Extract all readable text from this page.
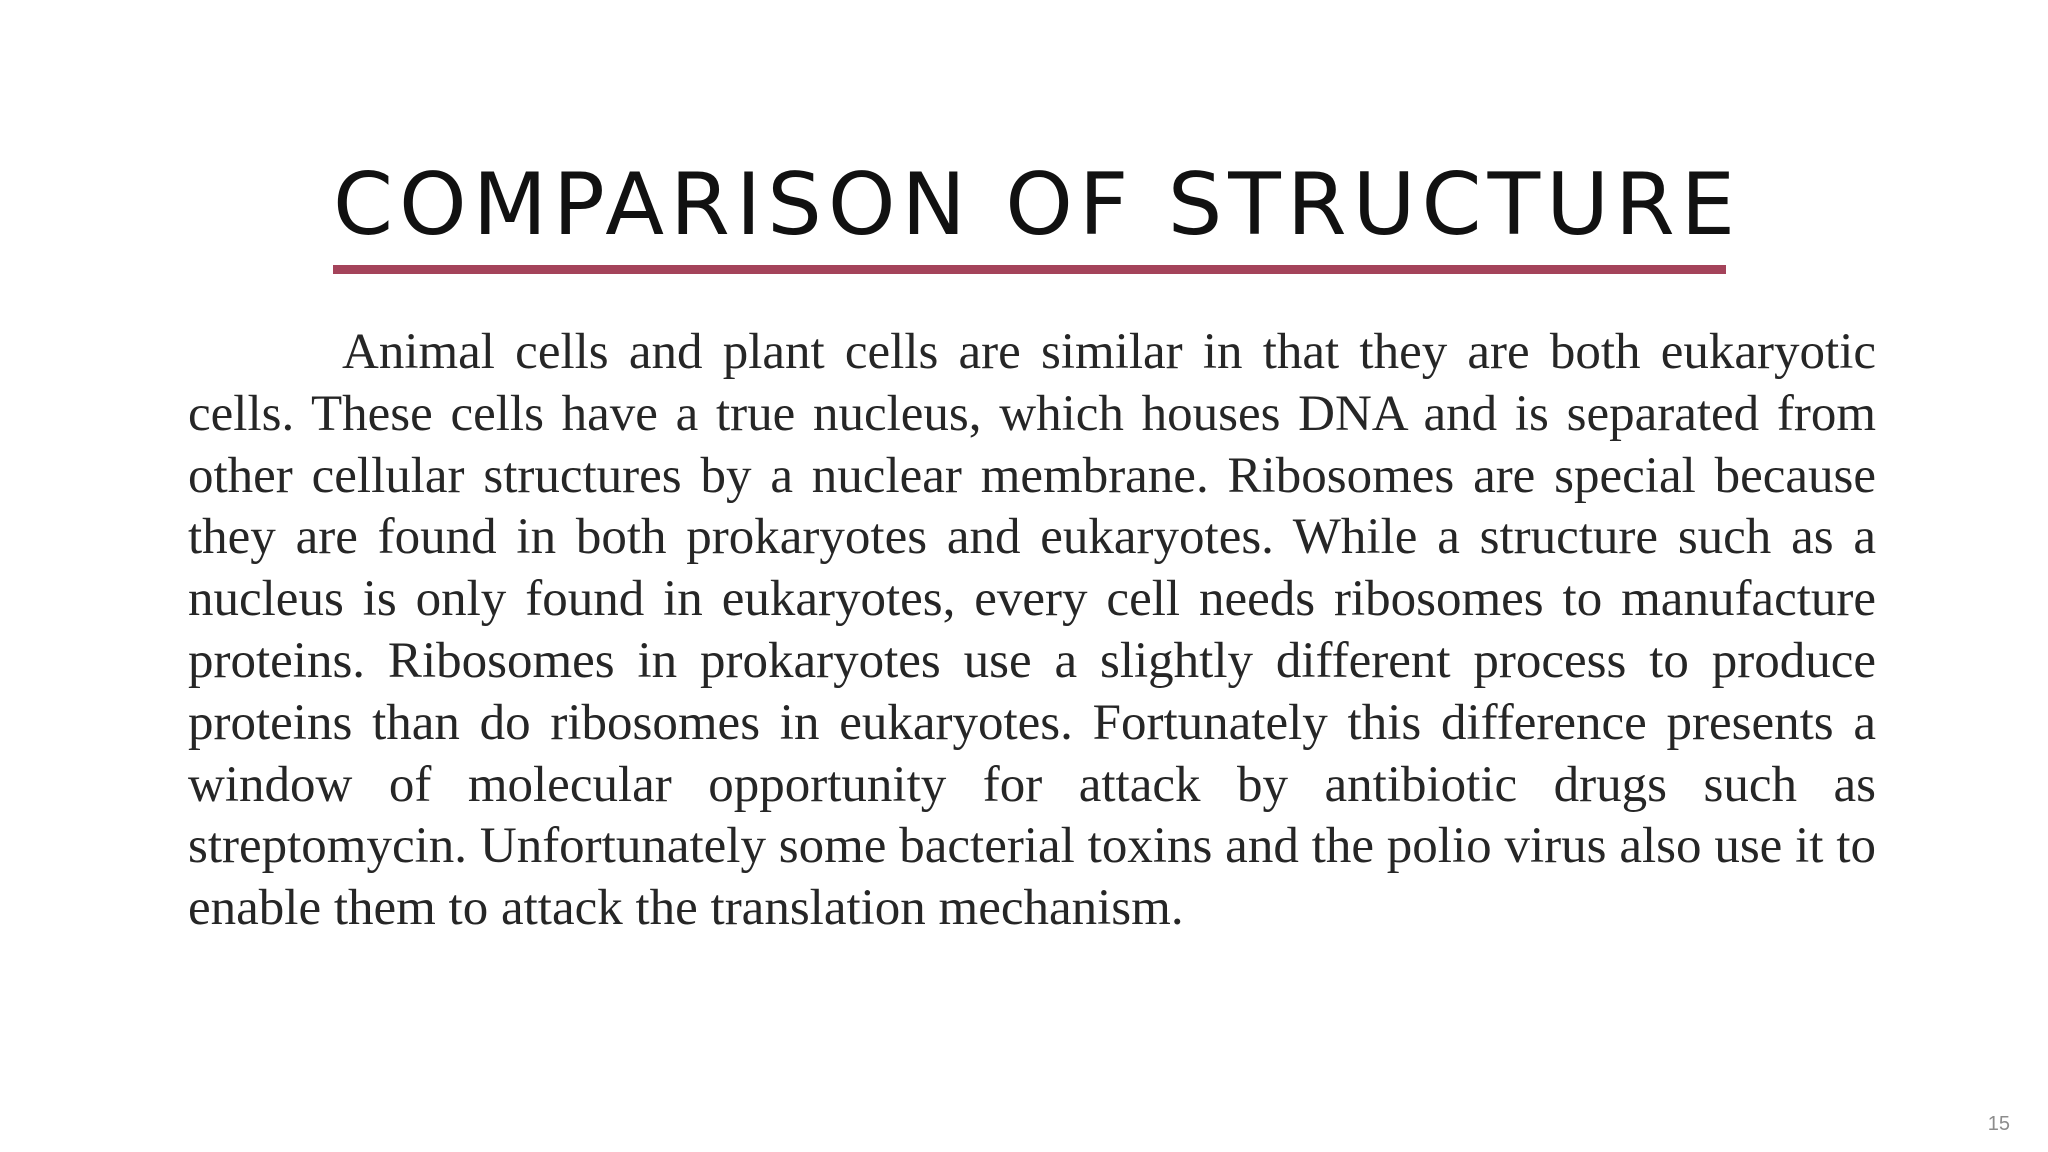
COMPARISON OF STRUCTURE

Animal cells and plant cells are similar in that they are both eukaryotic cells. These cells have a true nucleus, which houses DNA and is separated from other cellular structures by a nuclear membrane. Ribosomes are special because they are found in both prokaryotes and eukaryotes. While a structure such as a nucleus is only found in eukaryotes, every cell needs ribosomes to manufacture proteins. Ribosomes in prokaryotes use a slightly different process to produce proteins than do ribosomes in eukaryotes. Fortunately this difference presents a window of molecular opportunity for attack by antibiotic drugs such as streptomycin. Unfortunately some bacterial toxins and the polio virus also use it to enable them to attack the translation mechanism.

15
